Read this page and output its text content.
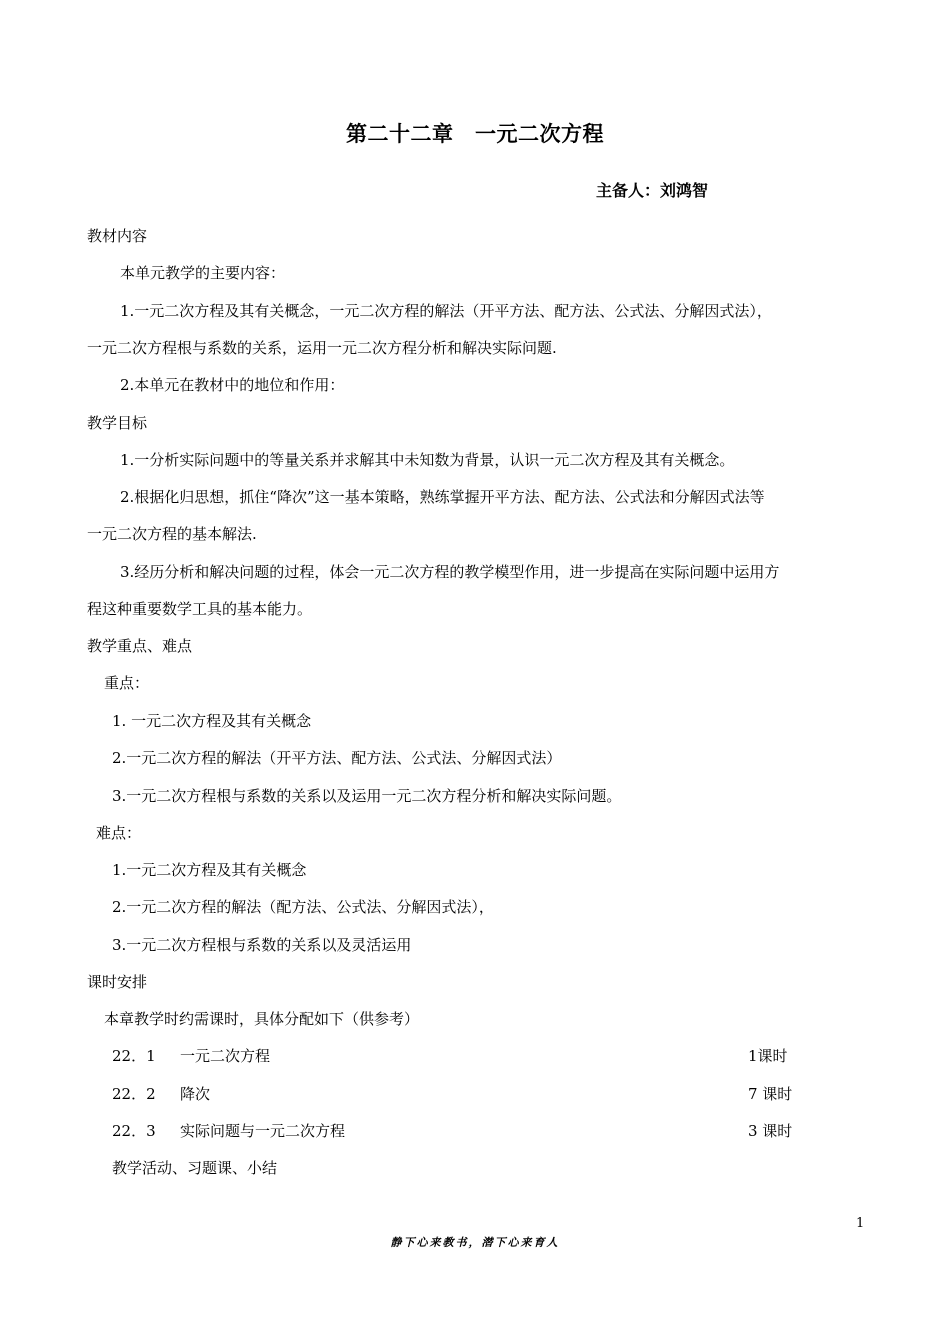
第二十二章　一元二次方程
主备人：刘鸿智
教材内容
本单元教学的主要内容：
1.一元二次方程及其有关概念，一元二次方程的解法（开平方法、配方法、公式法、分解因式法），
一元二次方程根与系数的关系，运用一元二次方程分析和解决实际问题.
2.本单元在教材中的地位和作用：
教学目标
1.一分析实际问题中的等量关系并求解其中未知数为背景，认识一元二次方程及其有关概念。
2.根据化归思想，抓住“降次”这一基本策略，熟练掌握开平方法、配方法、公式法和分解因式法等
一元二次方程的基本解法.
3.经历分析和解决问题的过程，体会一元二次方程的教学模型作用，进一步提高在实际问题中运用方
程这种重要数学工具的基本能力。
教学重点、难点
重点：
1. 一元二次方程及其有关概念
2.一元二次方程的解法（开平方法、配方法、公式法、分解因式法）
3.一元二次方程根与系数的关系以及运用一元二次方程分析和解决实际问题。
难点：
1.一元二次方程及其有关概念
2.一元二次方程的解法（配方法、公式法、分解因式法），
3.一元二次方程根与系数的关系以及灵活运用
课时安排
本章教学时约需课时，具体分配如下（供参考）
22．1 一元二次方程	1课时
22．2 降次	7 课时
22．3 实际问题与一元二次方程	3 课时
教学活动、习题课、小结
1
静下心来教书，潜下心来育人
